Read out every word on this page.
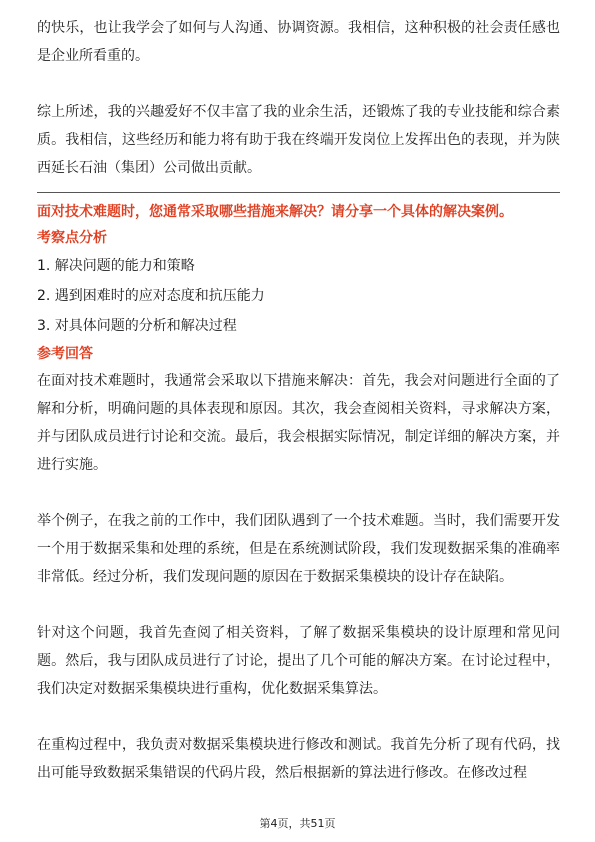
的快乐，也让我学会了如何与人沟通、协调资源。我相信，这种积极的社会责任感也是企业所看重的。

综上所述，我的兴趣爱好不仅丰富了我的业余生活，还锻炼了我的专业技能和综合素质。我相信，这些经历和能力将有助于我在终端开发岗位上发挥出色的表现，并为陕西延长石油（集团）公司做出贡献。

面对技术难题时，您通常采取哪些措施来解决？请分享一个具体的解决案例。

考察点分析

1. 解决问题的能力和策略

2. 遇到困难时的应对态度和抗压能力

3. 对具体问题的分析和解决过程

参考回答

在面对技术难题时，我通常会采取以下措施来解决：首先，我会对问题进行全面的了解和分析，明确问题的具体表现和原因。其次，我会查阅相关资料，寻求解决方案，并与团队成员进行讨论和交流。最后，我会根据实际情况，制定详细的解决方案，并进行实施。

举个例子，在我之前的工作中，我们团队遇到了一个技术难题。当时，我们需要开发一个用于数据采集和处理的系统，但是在系统测试阶段，我们发现数据采集的准确率非常低。经过分析，我们发现问题的原因在于数据采集模块的设计存在缺陷。

针对这个问题，我首先查阅了相关资料，了解了数据采集模块的设计原理和常见问题。然后，我与团队成员进行了讨论，提出了几个可能的解决方案。在讨论过程中，我们决定对数据采集模块进行重构，优化数据采集算法。

在重构过程中，我负责对数据采集模块进行修改和测试。我首先分析了现有代码，找出可能导致数据采集错误的代码片段，然后根据新的算法进行修改。在修改过程

第4页，共51页
